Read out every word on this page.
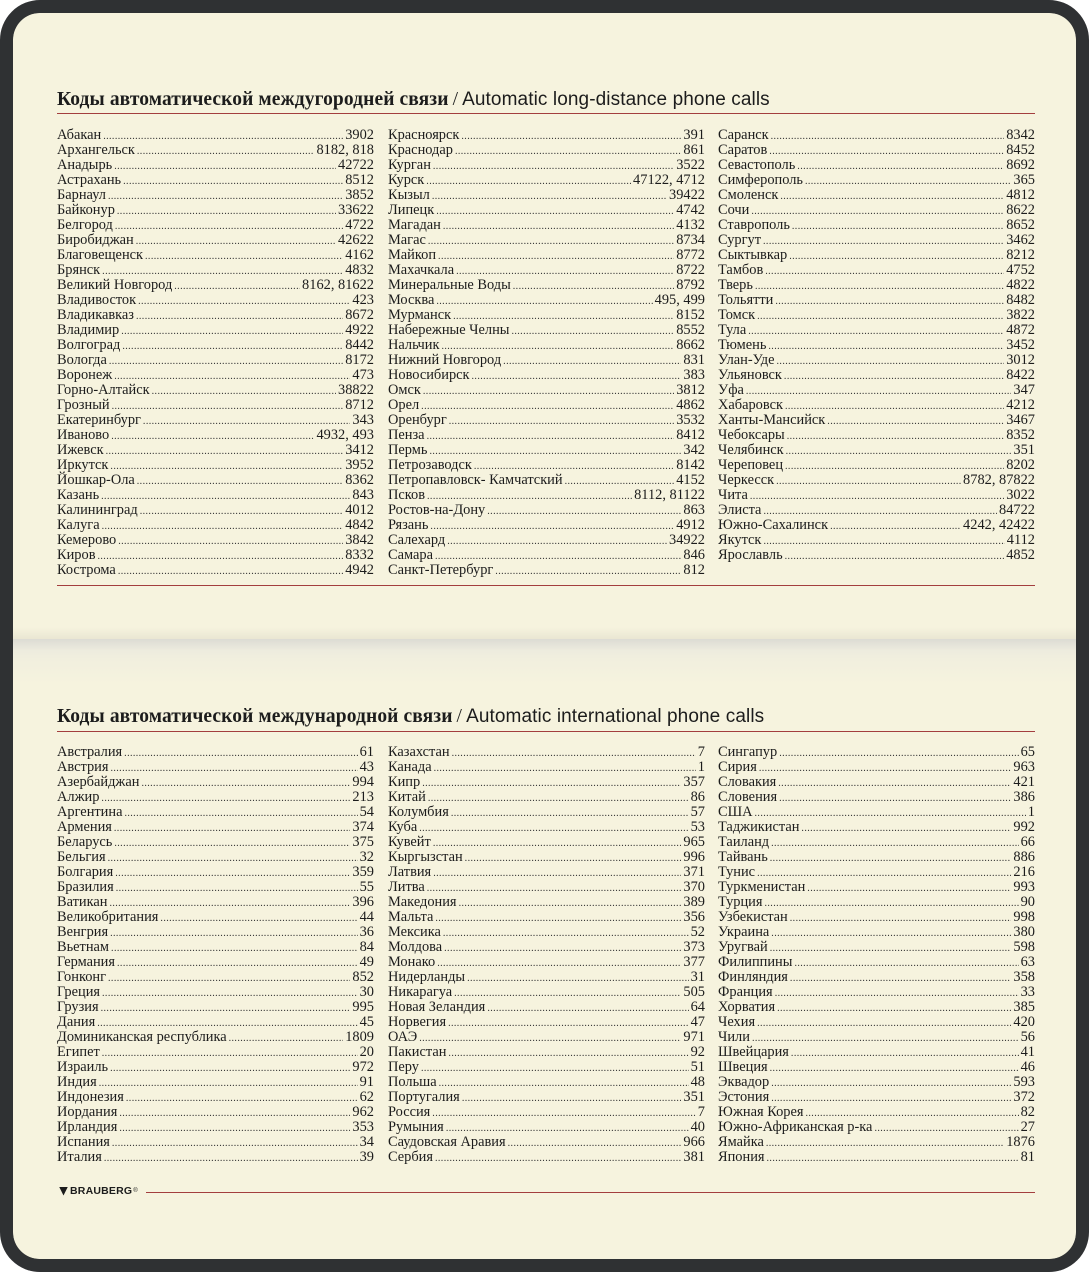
Коды автоматической междугородней связи / Automatic long-distance phone calls
Абакан .....	3902
Архангельск .....	8182, 818
Анадырь .....	42722
Астрахань .....	8512
Барнаул .....	3852
Байконур .....	33622
Белгород .....	4722
Биробиджан .....	42622
Благовещенск .....	4162
Брянск .....	4832
Великий Новгород .....	8162, 81622
Владивосток .....	423
Владикавказ .....	8672
Владимир .....	4922
Волгоград .....	8442
Вологда .....	8172
Воронеж .....	473
Горно-Алтайск .....	38822
Грозный .....	8712
Екатеринбург .....	343
Иваново .....	4932, 493
Ижевск .....	3412
Иркутск .....	3952
Йошкар-Ола .....	8362
Казань .....	843
Калининград .....	4012
Калуга .....	4842
Кемерово .....	3842
Киров .....	8332
Кострома .....	4942
Красноярск .....	391
Краснодар .....	861
Курган .....	3522
Курск .....	47122, 4712
Кызыл .....	39422
Липецк .....	4742
Магадан .....	4132
Магас .....	8734
Майкоп .....	8772
Махачкала .....	8722
Минеральные Воды .....	8792
Москва .....	495, 499
Мурманск .....	8152
Набережные Челны .....	8552
Нальчик .....	8662
Нижний Новгород .....	831
Новосибирск .....	383
Омск .....	3812
Орел .....	4862
Оренбург .....	3532
Пенза .....	8412
Пермь .....	342
Петрозаводск .....	8142
Петропавловск- Камчатский .....	4152
Псков .....	8112, 81122
Ростов-на-Дону .....	863
Рязань .....	4912
Салехард .....	34922
Самара .....	846
Санкт-Петербург .....	812
Саранск .....	8342
Саратов .....	8452
Севастополь .....	8692
Симферополь .....	365
Смоленск .....	4812
Сочи .....	8622
Ставрополь .....	8652
Сургут .....	3462
Сыктывкар .....	8212
Тамбов .....	4752
Тверь .....	4822
Тольятти .....	8482
Томск .....	3822
Тула .....	4872
Тюмень .....	3452
Улан-Уде .....	3012
Ульяновск .....	8422
Уфа .....	347
Хабаровск .....	4212
Ханты-Мансийск .....	3467
Чебоксары .....	8352
Челябинск .....	351
Череповец .....	8202
Черкесск .....	8782, 87822
Чита .....	3022
Элиста .....	84722
Южно-Сахалинск .....	4242, 42422
Якутск .....	4112
Ярославль .....	4852
Коды автоматической международной связи / Automatic international phone calls
Австралия .....	61
Австрия .....	43
Азербайджан .....	994
Алжир .....	213
Аргентина .....	54
Армения .....	374
Беларусь .....	375
Бельгия .....	32
Болгария .....	359
Бразилия .....	55
Ватикан .....	396
Великобритания .....	44
Венгрия .....	36
Вьетнам .....	84
Германия .....	49
Гонконг .....	852
Греция .....	30
Грузия .....	995
Дания .....	45
Доминиканская республика .....	1809
Египет .....	20
Израиль .....	972
Индия .....	91
Индонезия .....	62
Иордания .....	962
Ирландия .....	353
Испания .....	34
Италия .....	39
Казахстан .....	7
Канада .....	1
Кипр .....	357
Китай .....	86
Колумбия .....	57
Куба .....	53
Кувейт .....	965
Кыргызстан .....	996
Латвия .....	371
Литва .....	370
Македония .....	389
Мальта .....	356
Мексика .....	52
Молдова .....	373
Монако .....	377
Нидерланды .....	31
Никарагуа .....	505
Новая Зеландия .....	64
Норвегия .....	47
ОАЭ .....	971
Пакистан .....	92
Перу .....	51
Польша .....	48
Португалия .....	351
Россия .....	7
Румыния .....	40
Саудовская Аравия .....	966
Сербия .....	381
Сингапур .....	65
Сирия .....	963
Словакия .....	421
Словения .....	386
США .....	1
Таджикистан .....	992
Таиланд .....	66
Тайвань .....	886
Тунис .....	216
Туркменистан .....	993
Турция .....	90
Узбекистан .....	998
Украина .....	380
Уругвай .....	598
Филиппины .....	63
Финляндия .....	358
Франция .....	33
Хорватия .....	385
Чехия .....	420
Чили .....	56
Швейцария .....	41
Швеция .....	46
Эквадор .....	593
Эстония .....	372
Южная Корея .....	82
Южно-Африканская р-ка .....	27
Ямайка .....	1876
Япония .....	81
BRAUBERG ®
